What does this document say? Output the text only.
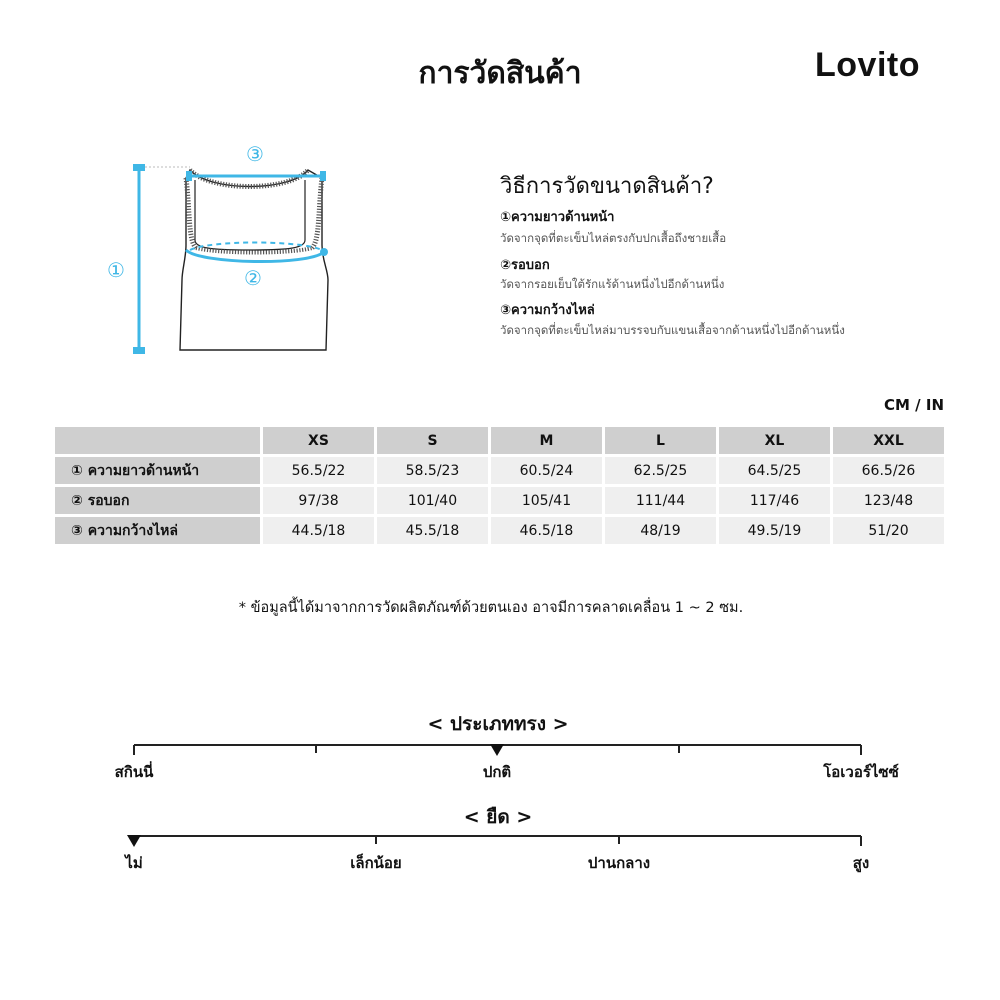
การวัดสินค้า	Lovito
①	②
③
วิธีการวัดขนาดสินค้า?
①ความยาวด้านหน้า
วัดจากจุดที่ตะเข็บไหล่ตรงกับปกเสื้อถึงชายเสื้อ
②รอบอก
วัดจากรอยเย็บใต้รักแร้ด้านหนึ่งไปอีกด้านหนึ่ง
③ความกว้างไหล่
วัดจากจุดที่ตะเข็บไหล่มาบรรจบกับแขนเสื้อจากด้านหนึ่งไปอีกด้านหนึ่ง
CM / IN
	XS	S	M	L	XL	XXL
① ความยาวด้านหน้า	56.5/22	58.5/23	60.5/24	62.5/25	64.5/25	66.5/26
② รอบอก	97/38	101/40	105/41	111/44	117/46	123/48
③ ความกว้างไหล่	44.5/18	45.5/18	46.5/18	48/19	49.5/19	51/20
* ข้อมูลนี้ได้มาจากการวัดผลิตภัณฑ์ด้วยตนเอง อาจมีการคลาดเคลื่อน 1 ~ 2 ซม.
< ประเภททรง >
สกินนี่	ปกติ	โอเวอร์ไซซ์
< ยืด >
ไม่	เล็กน้อย	ปานกลาง	สูง
